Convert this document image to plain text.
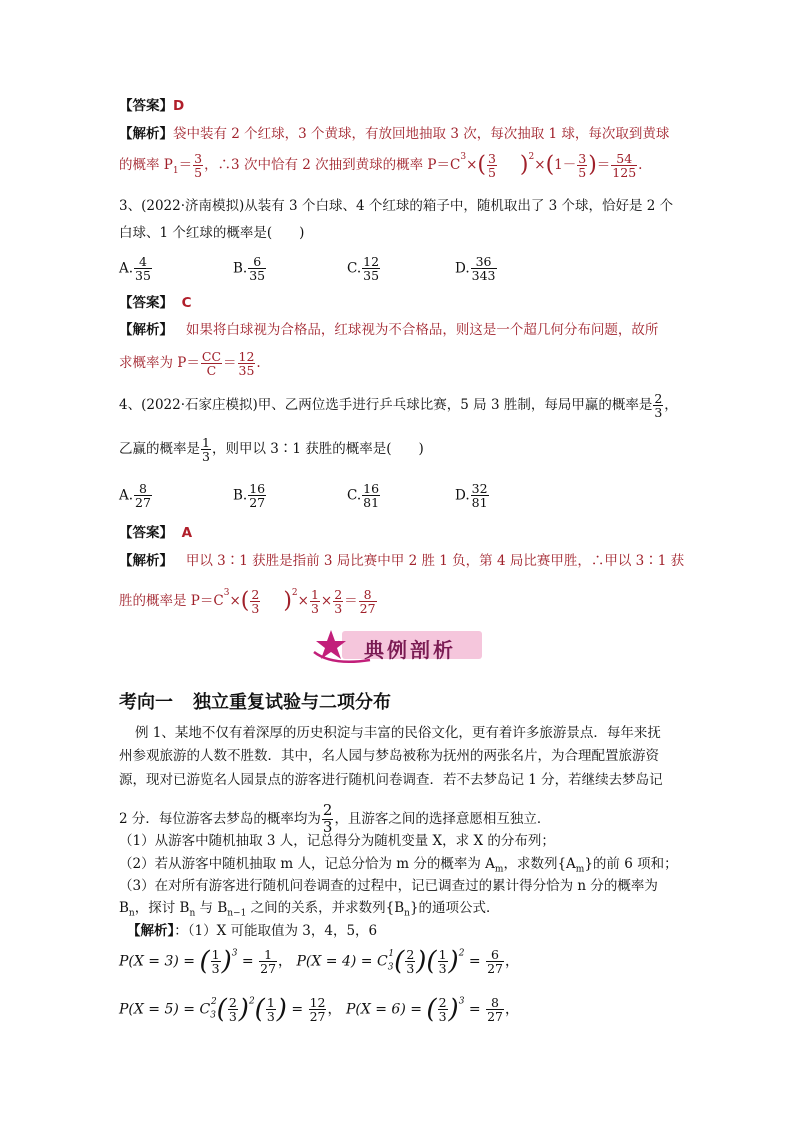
【答案】D
【解析】袋中装有 2 个红球，3 个黄球，有放回地抽取 3 次，每次抽取 1 球，每次取到黄球
的概率 $P_1= \frac{3}{5}$ ，∴3 次中恰有 2 次抽到黄球的概率 $P=C^3\times( \frac{3}{5} )^2\times(1- \frac{3}{5}$ )＝ $\frac{54}{125}$ .
3、(2022·济南模拟)从装有 3 个白球、4 个红球的箱子中，随机取出了 3 个球，恰好是 2 个
白球、1 个红球的概率是(　　)
A. $\frac{4}{35}$	B. $\frac{6}{35}$	C. $\frac{12}{35}$	D. $\frac{36}{343}$
【答案】 C
【解析】 如果将白球视为合格品，红球视为不合格品，则这是一个超几何分布问题，故所
求概率为 $P= \frac{CC}{C} = \frac{12}{35}$ .
4、(2022·石家庄模拟)甲、乙两位选手进行乒乓球比赛，5 局 3 胜制，每局甲赢的概率是 $\frac{2}{3}$ ，
乙赢的概率是 $\frac{1}{3}$ ，则甲以 3∶1 获胜的概率是(　　)
A. $\frac{8}{27}$	B. $\frac{16}{27}$	C. $\frac{16}{81}$	D. $\frac{32}{81}$
【答案】 A
【解析】 甲以 3∶1 获胜是指前 3 局比赛中甲 2 胜 1 负，第 4 局比赛甲胜，∴甲以 3∶1 获
胜的概率是 $P=C^3\times( \frac{2}{3} )^2\times \frac{1}{3} \times \frac{2}{3} = \frac{8}{27}$
典例剖析
考向一 独立重复试验与二项分布
例 1、某地不仅有着深厚的历史积淀与丰富的民俗文化，更有着许多旅游景点．每年来抚
州参观旅游的人数不胜数．其中，名人园与梦岛被称为抚州的两张名片，为合理配置旅游资
源，现对已游览名人园景点的游客进行随机问卷调查．若不去梦岛记 1 分，若继续去梦岛记
2 分．每位游客去梦岛的概率均为 $\frac{2}{3}$ ，且游客之间的选择意愿相互独立．
（1）从游客中随机抽取 3 人，记总得分为随机变量 X，求 X 的分布列；
（2）若从游客中随机抽取 m 人，记总分恰为 m 分的概率为 $A_m$，求数列$\{A_m\}$的前 6 项和；
（3）在对所有游客进行随机问卷调查的过程中，记已调查过的累计得分恰为 n 分的概率为
$B_n$，探讨 $B_n$ 与 $B_{n-1}$ 之间的关系，并求数列$\{B_n\}$的通项公式．
【解析】：（1）X 可能取值为 3，4，5，6
P(X = 3) = ( $\frac{1}{3} )^3 = \frac{1}{27}$ ， $P(X = 4) = C_3^1( \frac{2}{3}$ )( $\frac{1}{3} )^2 = \frac{6}{27}$ ，
$P(X = 5) = C_3^2( \frac{2}{3} )^2( \frac{1}{3}$ ) = $\frac{12}{27}$ ， P(X = 6) = ( $\frac{2}{3} )^3 = \frac{8}{27}$ ，
